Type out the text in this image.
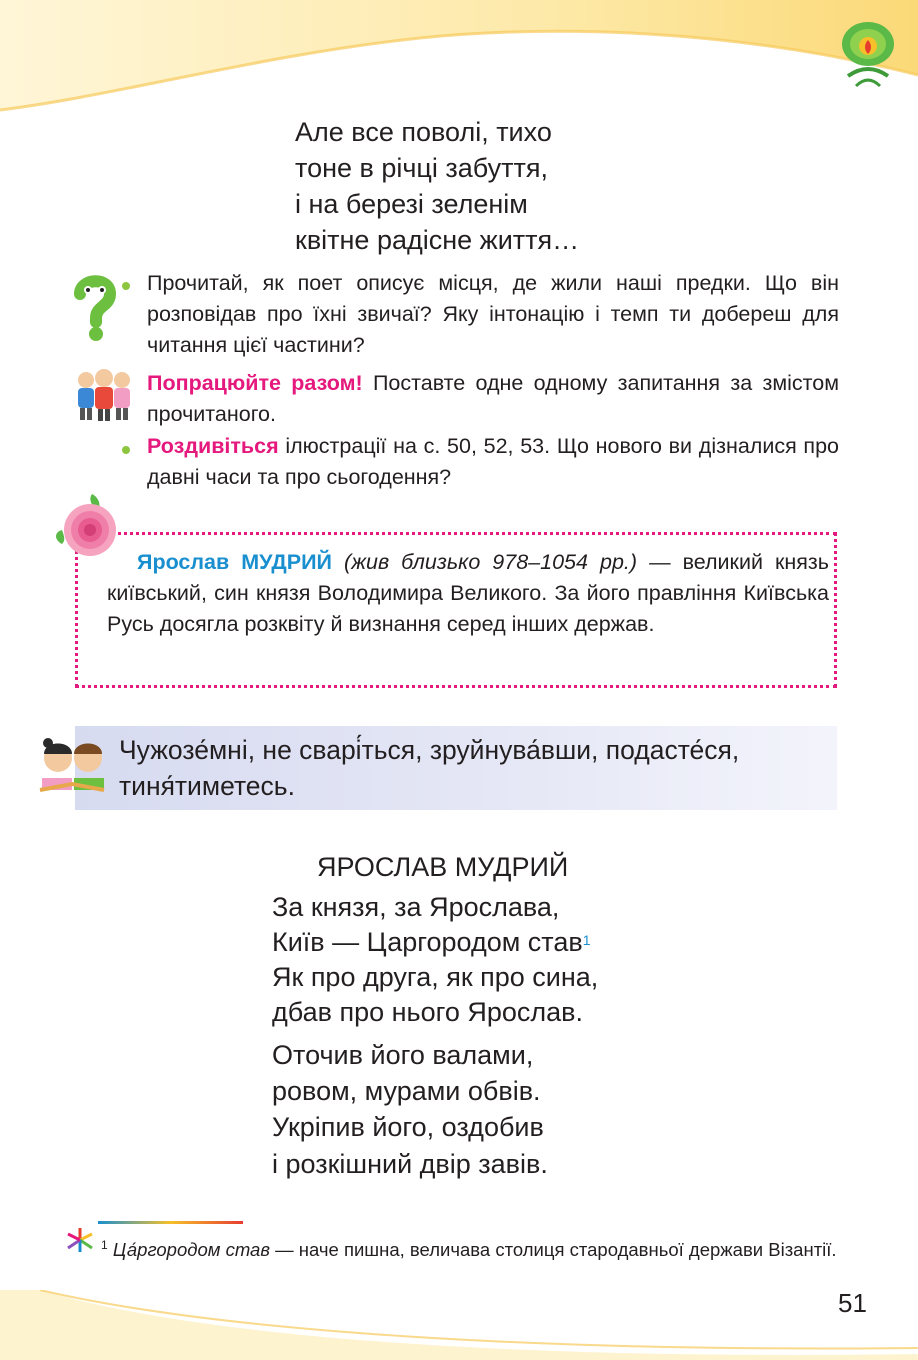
Але все поволі, тихо
тоне в річці забуття,
і на березі зеленім
квітне радісне життя…
Прочитай, як поет описує місця, де жили наші предки. Що він розповідав про їхні звичаї? Яку інтонацію і темп ти добереш для читання цієї частини?
Попрацюйте разом! Поставте одне одному запитання за змістом прочитаного.
Роздивіться ілюстрації на с. 50, 52, 53. Що нового ви дізналися про давні часи та про сьогодення?
Ярослав МУДРИЙ (жив близько 978–1054 рр.) — великий князь київський, син князя Володимира Великого. За його правління Київська Русь досягла розквіту й визнання серед інших держав.
Чужозе́мні, не сварі́ться, зруйнува́вши, подасте́ся,
тиня́тиметесь.
ЯРОСЛАВ МУДРИЙ
За князя, за Ярослава,
Київ — Царгородом став$^1$
Як про друга, як про сина,
дбав про нього Ярослав.
Оточив його валами,
ровом, мурами обвів.
Укріпив його, оздобив
і розкішний двір завів.
$^1$ Ца́ргородом став — наче пишна, величава столиця стародавньої держави Візантії.
51
